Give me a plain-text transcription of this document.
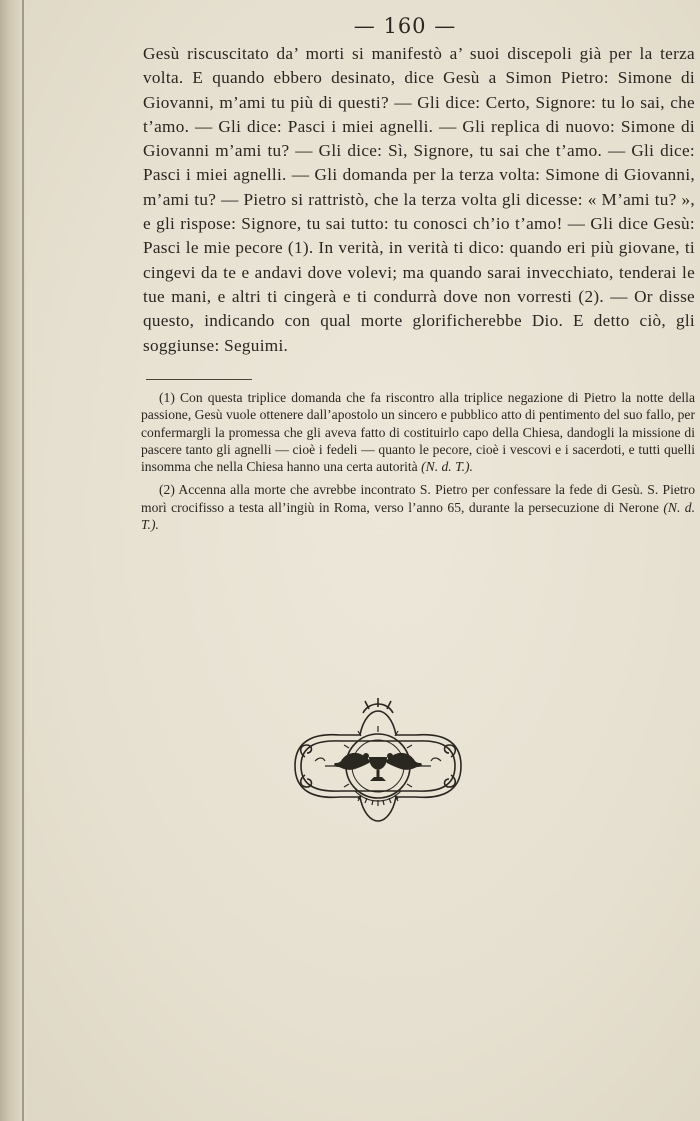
— 160 —
Gesù riscuscitato da’ morti si manifestò a’ suoi discepoli già per la terza volta. E quando ebbero desinato, dice Gesù a Simon Pietro: Simone di Giovanni, m’ami tu più di questi? — Gli dice: Certo, Signore: tu lo sai, che t’amo. — Gli dice: Pasci i miei agnelli. — Gli replica di nuovo: Simone di Giovanni m’ami tu? — Gli dice: Sì, Signore, tu sai che t’amo. — Gli dice: Pasci i miei agnelli. — Gli domanda per la terza volta: Simone di Giovanni, m’ami tu? — Pietro si rattristò, che la terza volta gli dicesse: « M’ami tu? », e gli rispose: Signore, tu sai tutto: tu conosci ch’io t’amo! — Gli dice Gesù: Pasci le mie pecore (1). In verità, in verità ti dico: quando eri più giovane, ti cingevi da te e andavi dove volevi; ma quando sarai invecchiato, tenderai le tue mani, e altri ti cingerà e ti condurrà dove non vorresti (2). — Or disse questo, indicando con qual morte glorificherebbe Dio. E detto ciò, gli soggiunse: Seguimi.

(1) Con questa triplice domanda che fa riscontro alla triplice negazione di Pietro la notte della passione, Gesù vuole ottenere dall’apostolo un sincero e pubblico atto di pentimento del suo fallo, per confermargli la promessa che gli aveva fatto di costituirlo capo della Chiesa, dandogli la missione di pascere tanto gli agnelli — cioè i fedeli — quanto le pecore, cioè i vescovi e i sacerdoti, e tutti quelli insomma che nella Chiesa hanno una certa autorità (N. d. T.).

(2) Accenna alla morte che avrebbe incontrato S. Pietro per confessare la fede di Gesù. S. Pietro morì crocifisso a testa all’ingiù in Roma, verso l’anno 65, durante la persecuzione di Nerone (N. d. T.).
